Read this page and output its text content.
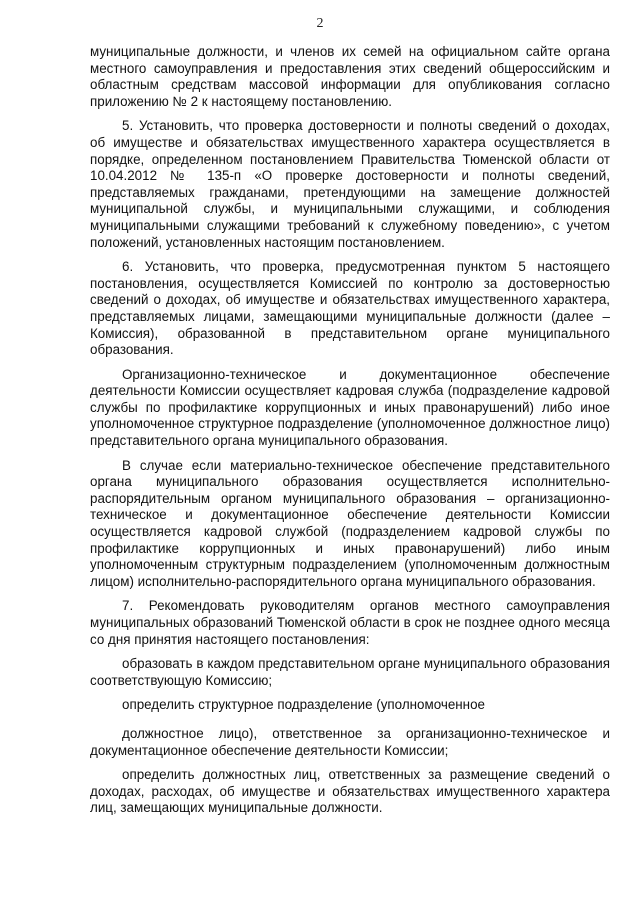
2

муниципальные должности, и членов их семей на официальном сайте органа местного самоуправления и предоставления этих сведений общероссийским и областным средствам массовой информации для опубликования согласно приложению № 2 к настоящему постановлению.

5. Установить, что проверка достоверности и полноты сведений о доходах, об имуществе и обязательствах имущественного характера осуществляется в порядке, определенном постановлением Правительства Тюменской области от 10.04.2012 № 135-п «О проверке достоверности и полноты сведений, представляемых гражданами, претендующими на замещение должностей муниципальной службы, и муниципальными служащими, и соблюдения муниципальными служащими требований к служебному поведению», с учетом положений, установленных настоящим постановлением.

6. Установить, что проверка, предусмотренная пунктом 5 настоящего постановления, осуществляется Комиссией по контролю за достоверностью сведений о доходах, об имуществе и обязательствах имущественного характера, представляемых лицами, замещающими муниципальные должности (далее – Комиссия), образованной в представительном органе муниципального образования.

Организационно-техническое и документационное обеспечение деятельности Комиссии осуществляет кадровая служба (подразделение кадровой службы по профилактике коррупционных и иных правонарушений) либо иное уполномоченное структурное подразделение (уполномоченное должностное лицо) представительного органа муниципального образования.

В случае если материально-техническое обеспечение представительного органа муниципального образования осуществляется исполнительно-распорядительным органом муниципального образования – организационно-техническое и документационное обеспечение деятельности Комиссии осуществляется кадровой службой (подразделением кадровой службы по профилактике коррупционных и иных правонарушений) либо иным уполномоченным структурным подразделением (уполномоченным должностным лицом) исполнительно-распорядительного органа муниципального образования.

7. Рекомендовать руководителям органов местного самоуправления муниципальных образований Тюменской области в срок не позднее одного месяца со дня принятия настоящего постановления:

образовать в каждом представительном органе муниципального образования соответствующую Комиссию;

определить структурное подразделение (уполномоченное

должностное лицо), ответственное за организационно-техническое и документационное обеспечение деятельности Комиссии;

определить должностных лиц, ответственных за размещение сведений о доходах, расходах, об имуществе и обязательствах имущественного характера лиц, замещающих муниципальные должности.
